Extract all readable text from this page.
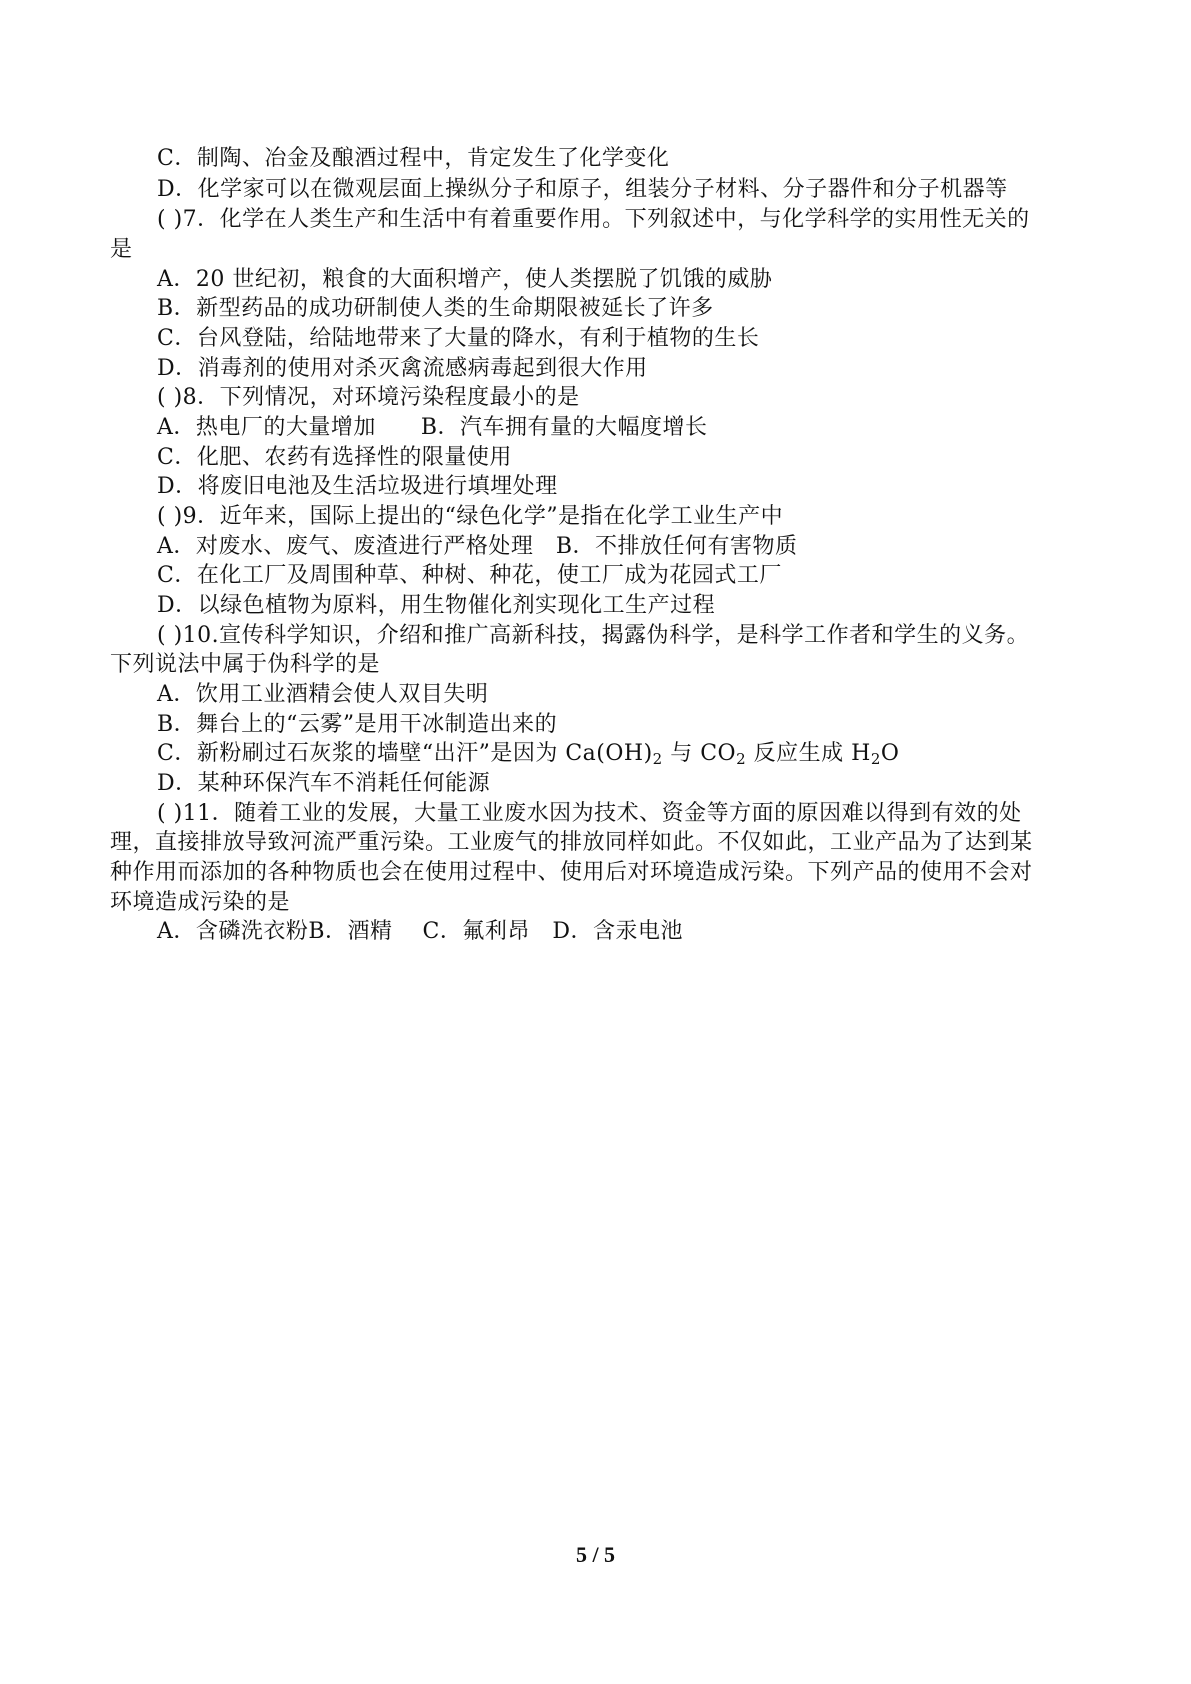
C．制陶、冶金及酿酒过程中，肯定发生了化学变化
D．化学家可以在微观层面上操纵分子和原子，组装分子材料、分子器件和分子机器等
( )7．化学在人类生产和生活中有着重要作用。下列叙述中，与化学科学的实用性无关的
是
A．20 世纪初，粮食的大面积增产，使人类摆脱了饥饿的威胁
B．新型药品的成功研制使人类的生命期限被延长了许多
C．台风登陆，给陆地带来了大量的降水，有利于植物的生长
D．消毒剂的使用对杀灭禽流感病毒起到很大作用
( )8．下列情况，对环境污染程度最小的是
A．热电厂的大量增加　　B．汽车拥有量的大幅度增长
C．化肥、农药有选择性的限量使用
D．将废旧电池及生活垃圾进行填埋处理
( )9．近年来，国际上提出的“绿色化学”是指在化学工业生产中
A．对废水、废气、废渣进行严格处理　B．不排放任何有害物质
C．在化工厂及周围种草、种树、种花，使工厂成为花园式工厂
D．以绿色植物为原料，用生物催化剂实现化工生产过程
( )10.宣传科学知识，介绍和推广高新科技，揭露伪科学，是科学工作者和学生的义务。
下列说法中属于伪科学的是
A．饮用工业酒精会使人双目失明
B．舞台上的“云雾”是用干冰制造出来的
C．新粉刷过石灰浆的墙壁“出汗”是因为 $Ca(OH)_2$ 与 $CO_2$ 反应生成 $H_2O$
D．某种环保汽车不消耗任何能源
( )11．随着工业的发展，大量工业废水因为技术、资金等方面的原因难以得到有效的处
理，直接排放导致河流严重污染。工业废气的排放同样如此。不仅如此，工业产品为了达到某
种作用而添加的各种物质也会在使用过程中、使用后对环境造成污染。下列产品的使用不会对
环境造成污染的是
A．含磷洗衣粉B．酒精　 C．氟利昂　D．含汞电池
5 / 5
